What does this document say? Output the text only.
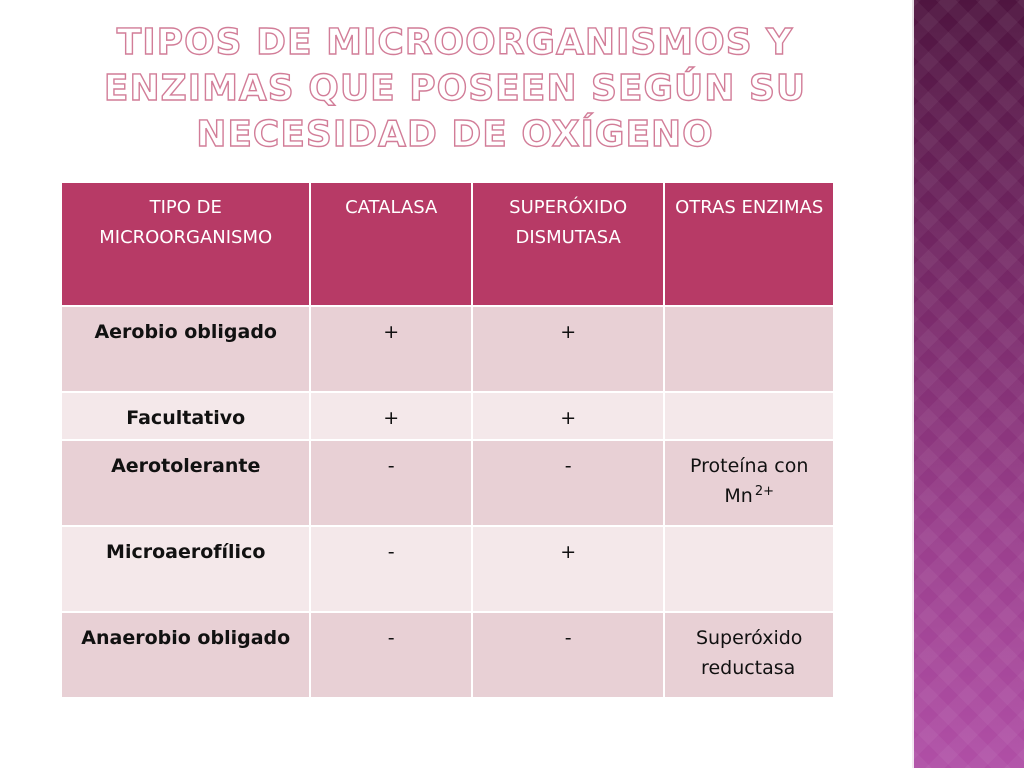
TIPOS DE MICROORGANISMOS Y ENZIMAS QUE POSEEN SEGÚN SU NECESIDAD DE OXÍGENO
TIPO DE MICROORGANISMO	CATALASA	SUPERÓXIDO DISMUTASA	OTRAS ENZIMAS
Aerobio obligado	+	+	
Facultativo	+	+	
Aerotolerante	-	-	Proteína con Mn $^{2+}$
Microaerofílico	-	+	
Anaerobio obligado	-	-	Superóxido reductasa
